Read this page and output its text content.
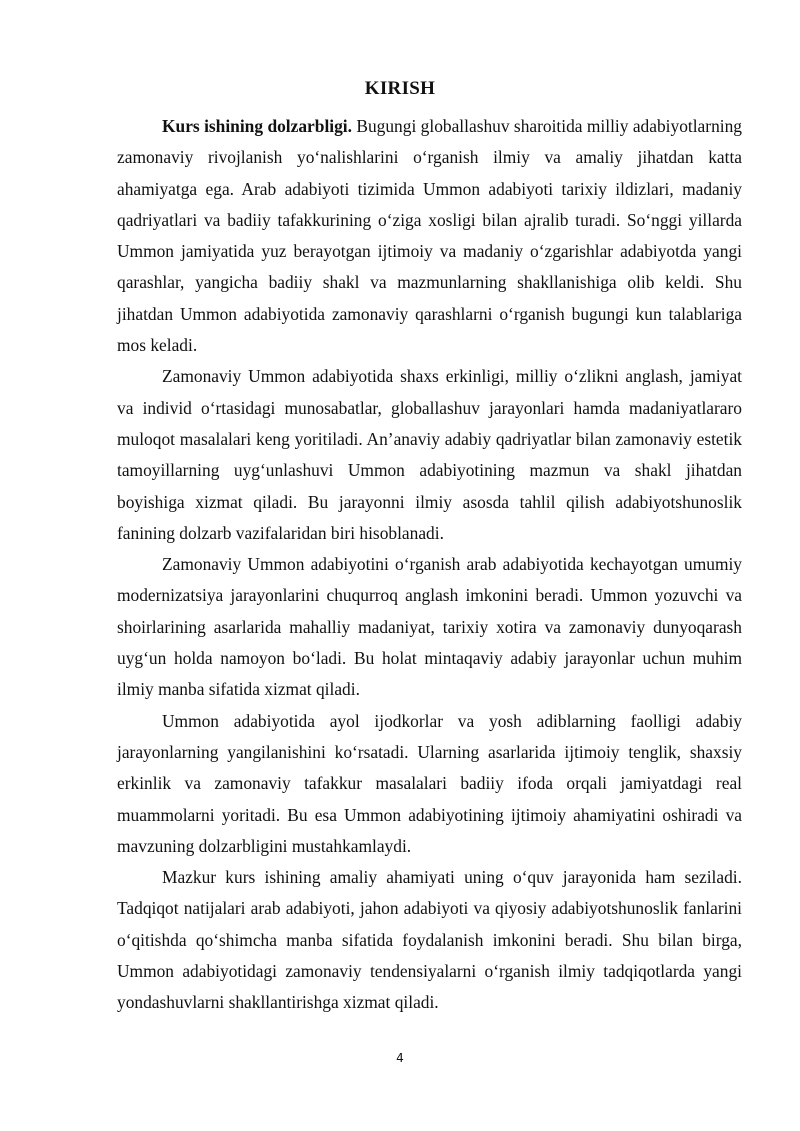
KIRISH

Kurs ishining dolzarbligi. Bugungi globallashuv sharoitida milliy adabiyotlarning zamonaviy rivojlanish yo‘nalishlarini o‘rganish ilmiy va amaliy jihatdan katta ahamiyatga ega. Arab adabiyoti tizimida Ummon adabiyoti tarixiy ildizlari, madaniy qadriyatlari va badiiy tafakkurining o‘ziga xosligi bilan ajralib turadi. So‘nggi yillarda Ummon jamiyatida yuz berayotgan ijtimoiy va madaniy o‘zgarishlar adabiyotda yangi qarashlar, yangicha badiiy shakl va mazmunlarning shakllanishiga olib keldi. Shu jihatdan Ummon adabiyotida zamonaviy qarashlarni o‘rganish bugungi kun talablariga mos keladi.

Zamonaviy Ummon adabiyotida shaxs erkinligi, milliy o‘zlikni anglash, jamiyat va individ o‘rtasidagi munosabatlar, globallashuv jarayonlari hamda madaniyatlararo muloqot masalalari keng yoritiladi. An’anaviy adabiy qadriyatlar bilan zamonaviy estetik tamoyillarning uyg‘unlashuvi Ummon adabiyotining mazmun va shakl jihatdan boyishiga xizmat qiladi. Bu jarayonni ilmiy asosda tahlil qilish adabiyotshunoslik fanining dolzarb vazifalaridan biri hisoblanadi.

Zamonaviy Ummon adabiyotini o‘rganish arab adabiyotida kechayotgan umumiy modernizatsiya jarayonlarini chuqurroq anglash imkonini beradi. Ummon yozuvchi va shoirlarining asarlarida mahalliy madaniyat, tarixiy xotira va zamonaviy dunyoqarash uyg‘un holda namoyon bo‘ladi. Bu holat mintaqaviy adabiy jarayonlar uchun muhim ilmiy manba sifatida xizmat qiladi.

Ummon adabiyotida ayol ijodkorlar va yosh adiblarning faolligi adabiy jarayonlarning yangilanishini ko‘rsatadi. Ularning asarlarida ijtimoiy tenglik, shaxsiy erkinlik va zamonaviy tafakkur masalalari badiiy ifoda orqali jamiyatdagi real muammolarni yoritadi. Bu esa Ummon adabiyotining ijtimoiy ahamiyatini oshiradi va mavzuning dolzarbligini mustahkamlaydi.

Mazkur kurs ishining amaliy ahamiyati uning o‘quv jarayonida ham seziladi. Tadqiqot natijalari arab adabiyoti, jahon adabiyoti va qiyosiy adabiyotshunoslik fanlarini o‘qitishda qo‘shimcha manba sifatida foydalanish imkonini beradi. Shu bilan birga, Ummon adabiyotidagi zamonaviy tendensiyalarni o‘rganish ilmiy tadqiqotlarda yangi yondashuvlarni shakllantirishga xizmat qiladi.

4
